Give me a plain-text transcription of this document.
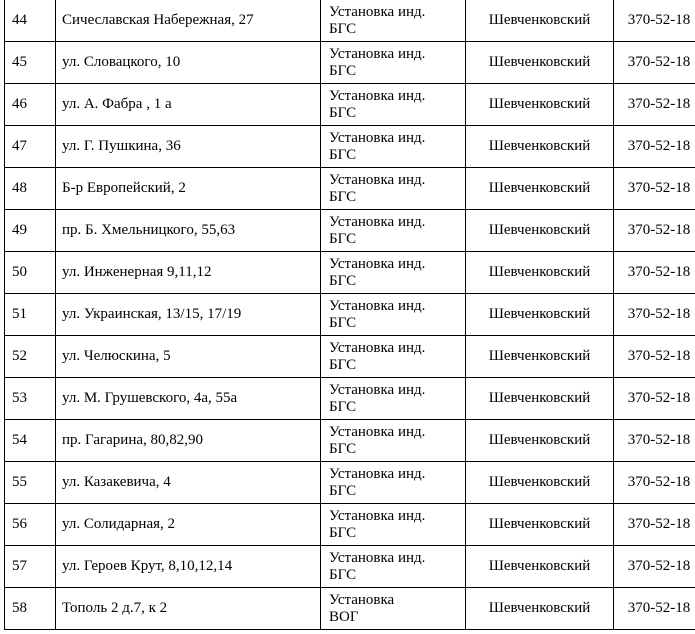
44	Сичеславская Набережная, 27	Установка инд.
БГС	Шевченковский	370-52-18
45	ул. Словацкого, 10	Установка инд.
БГС	Шевченковский	370-52-18
46	ул. А. Фабра , 1 а	Установка инд.
БГС	Шевченковский	370-52-18
47	ул. Г. Пушкина, 36	Установка инд.
БГС	Шевченковский	370-52-18
48	Б-р Европейский, 2	Установка инд.
БГС	Шевченковский	370-52-18
49	пр. Б. Хмельницкого, 55,63	Установка инд.
БГС	Шевченковский	370-52-18
50	ул. Инженерная 9,11,12	Установка инд.
БГС	Шевченковский	370-52-18
51	ул. Украинская, 13/15, 17/19	Установка инд.
БГС	Шевченковский	370-52-18
52	ул. Челюскина, 5	Установка инд.
БГС	Шевченковский	370-52-18
53	ул. М. Грушевского, 4а, 55а	Установка инд.
БГС	Шевченковский	370-52-18
54	пр. Гагарина, 80,82,90	Установка инд.
БГС	Шевченковский	370-52-18
55	ул. Казакевича, 4	Установка инд.
БГС	Шевченковский	370-52-18
56	ул. Солидарная, 2	Установка инд.
БГС	Шевченковский	370-52-18
57	ул. Героев Крут, 8,10,12,14	Установка инд.
БГС	Шевченковский	370-52-18
58	Тополь 2 д.7, к 2	Установка
ВОГ	Шевченковский	370-52-18
